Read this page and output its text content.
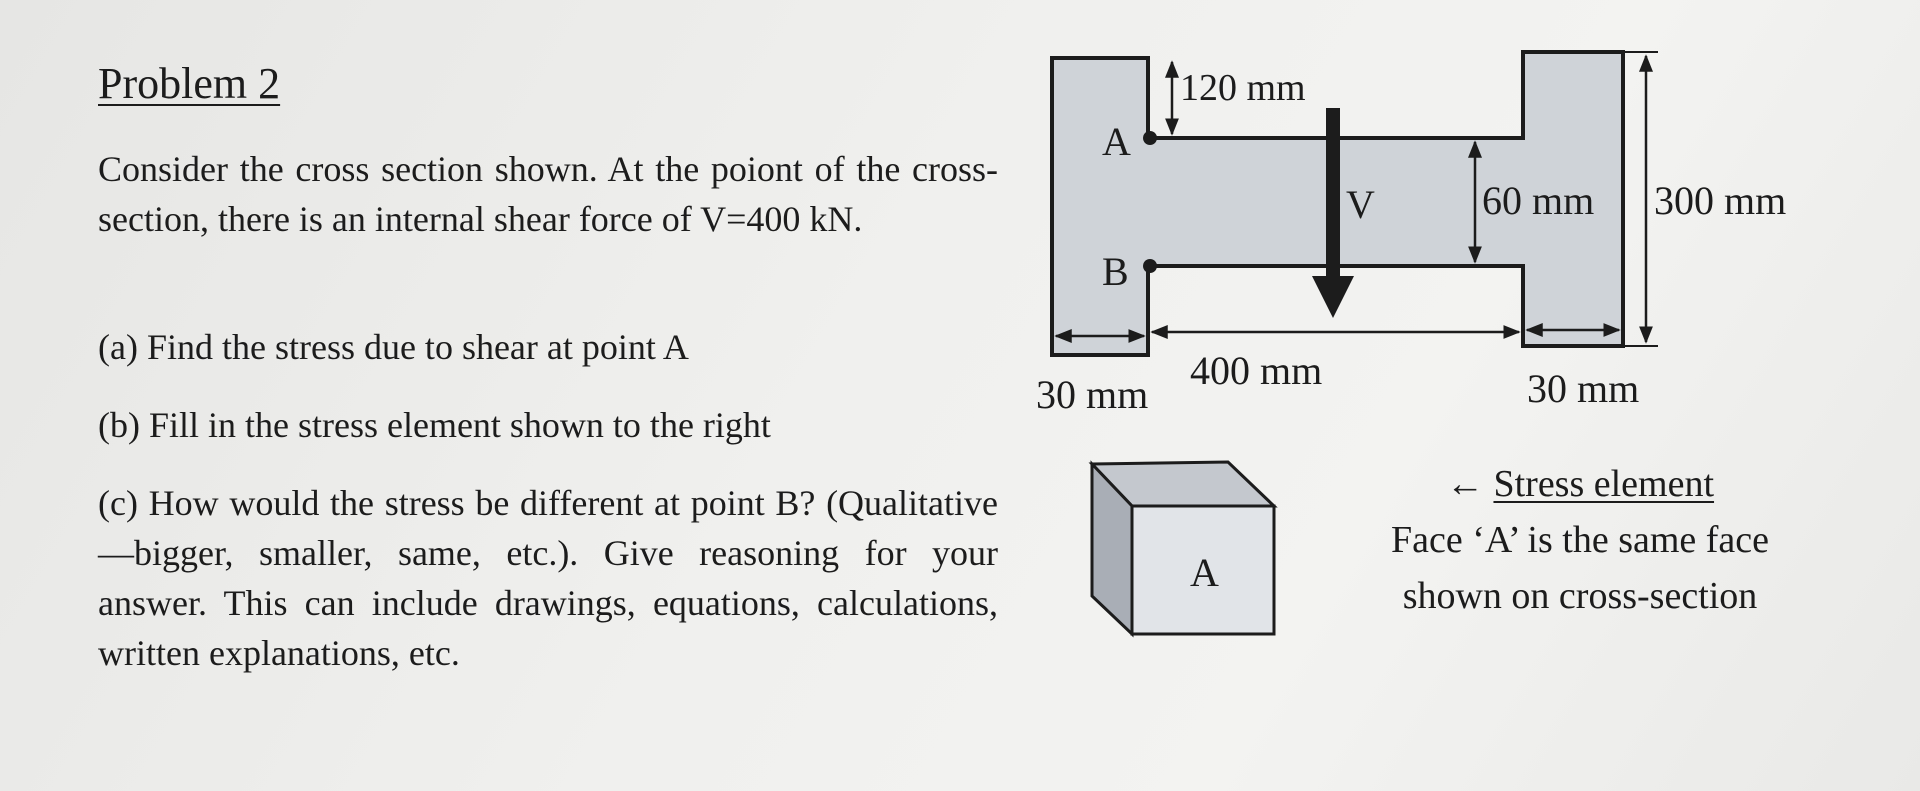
Problem 2

Consider the cross section shown. At the poiont of the cross-section, there is an internal shear force of V=400 kN.

(a) Find the stress due to shear at point A

(b) Fill in the stress element shown to the right

(c) How would the stress be different at point B? (Qualitative—bigger, smaller, same, etc.). Give reasoning for your answer. This can include drawings, equations, calculations, written explanations, etc.

A
B
120 mm
V	60 mm 300 mm
30 mm
400 mm	30 mm
A

← Stress element

Face ‘A’ is the same face

shown on cross-section
